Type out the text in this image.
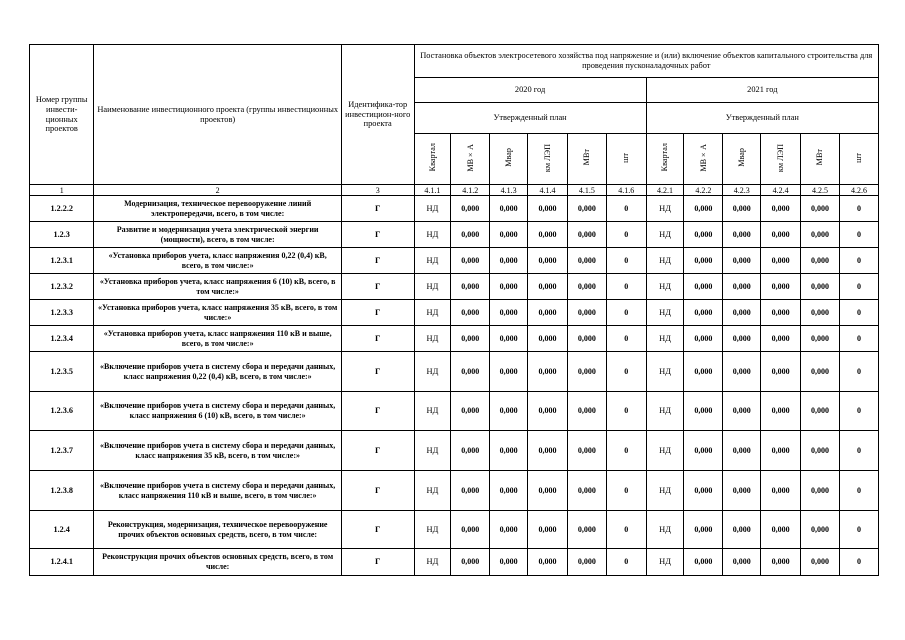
Номер группы инвести-ционных проектов	Наименование инвестиционного проекта (группы инвестиционных проектов)	Идентифика-тор инвестицион-ного проекта	Постановка объектов электросетевого хозяйства под напряжение и (или) включение объектов капитального строительства для проведения пусконаладочных работ											
			2020 год						2021 год					
			Утвержденный план						Утвержденный план					
			Квартал	МВ×А	Мвар	км ЛЭП	МВт	шт	Квартал	МВ×А	Мвар	км ЛЭП	МВт	шт
1	2	3	4.1.1	4.1.2	4.1.3	4.1.4	4.1.5	4.1.6	4.2.1	4.2.2	4.2.3	4.2.4	4.2.5	4.2.6
1.2.2.2	Модернизация, техническое перевооружение линий электропередачи, всего, в том числе:	Г	НД	0,000	0,000	0,000	0,000	0	НД	0,000	0,000	0,000	0,000	0
1.2.3	Развитие и модернизация учета электрической энергии (мощности), всего, в том числе:	Г	НД	0,000	0,000	0,000	0,000	0	НД	0,000	0,000	0,000	0,000	0
1.2.3.1	«Установка приборов учета, класс напряжения 0,22 (0,4) кВ, всего, в том числе:»	Г	НД	0,000	0,000	0,000	0,000	0	НД	0,000	0,000	0,000	0,000	0
1.2.3.2	«Установка приборов учета, класс напряжения 6 (10) кВ, всего, в том числе:»	Г	НД	0,000	0,000	0,000	0,000	0	НД	0,000	0,000	0,000	0,000	0
1.2.3.3	«Установка приборов учета, класс напряжения 35 кВ, всего, в том числе:»	Г	НД	0,000	0,000	0,000	0,000	0	НД	0,000	0,000	0,000	0,000	0
1.2.3.4	«Установка приборов учета, класс напряжения 110 кВ и выше, всего, в том числе:»	Г	НД	0,000	0,000	0,000	0,000	0	НД	0,000	0,000	0,000	0,000	0
1.2.3.5	«Включение приборов учета в систему сбора и передачи данных, класс напряжения 0,22 (0,4) кВ, всего, в том числе:»	Г	НД	0,000	0,000	0,000	0,000	0	НД	0,000	0,000	0,000	0,000	0
1.2.3.6	«Включение приборов учета в систему сбора и передачи данных, класс напряжения 6 (10) кВ, всего, в том числе:»	Г	НД	0,000	0,000	0,000	0,000	0	НД	0,000	0,000	0,000	0,000	0
1.2.3.7	«Включение приборов учета в систему сбора и передачи данных, класс напряжения 35 кВ, всего, в том числе:»	Г	НД	0,000	0,000	0,000	0,000	0	НД	0,000	0,000	0,000	0,000	0
1.2.3.8	«Включение приборов учета в систему сбора и передачи данных, класс напряжения 110 кВ и выше, всего, в том числе:»	Г	НД	0,000	0,000	0,000	0,000	0	НД	0,000	0,000	0,000	0,000	0
1.2.4	Реконструкция, модернизация, техническое перевооружение прочих объектов основных средств, всего, в том числе:	Г	НД	0,000	0,000	0,000	0,000	0	НД	0,000	0,000	0,000	0,000	0
1.2.4.1	Реконструкция прочих объектов основных средств, всего, в том числе:	Г	НД	0,000	0,000	0,000	0,000	0	НД	0,000	0,000	0,000	0,000	0
